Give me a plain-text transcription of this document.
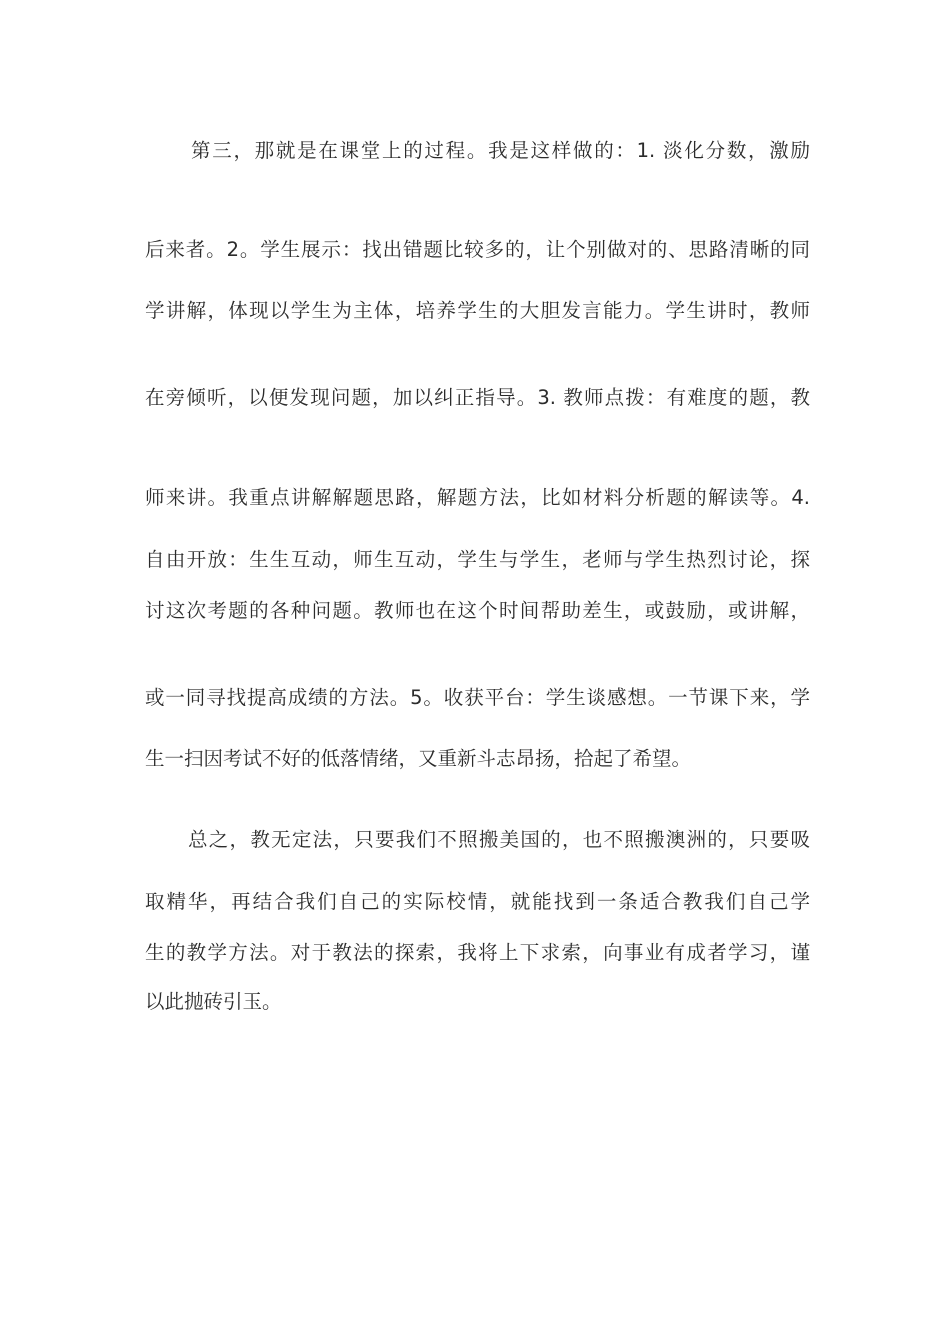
第三，那就是在课堂上的过程。我是这样做的：1. 淡化分数，激励
后来者。2。学生展示：找出错题比较多的，让个别做对的、思路清晰的同
学讲解，体现以学生为主体，培养学生的大胆发言能力。学生讲时，教师
在旁倾听，以便发现问题，加以纠正指导。3. 教师点拨：有难度的题，教
师来讲。我重点讲解解题思路，解题方法，比如材料分析题的解读等。4.
自由开放：生生互动，师生互动，学生与学生，老师与学生热烈讨论，探
讨这次考题的各种问题。教师也在这个时间帮助差生，或鼓励，或讲解，
或一同寻找提高成绩的方法。5。收获平台：学生谈感想。一节课下来，学
生一扫因考试不好的低落情绪，又重新斗志昂扬，拾起了希望。
总之，教无定法，只要我们不照搬美国的，也不照搬澳洲的，只要吸
取精华，再结合我们自己的实际校情，就能找到一条适合教我们自己学
生的教学方法。对于教法的探索，我将上下求索，向事业有成者学习，谨
以此抛砖引玉。
